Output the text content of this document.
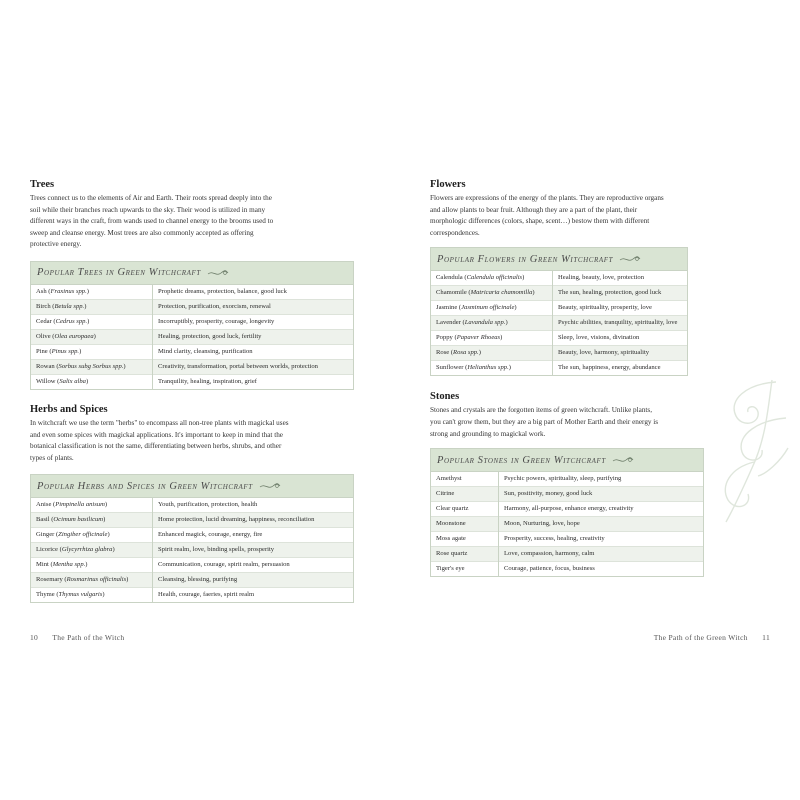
Trees

Trees connect us to the elements of Air and Earth. Their roots spread deeply into the soil while their branches reach upwards to the sky. Their wood is utilized in many different ways in the craft, from wands used to channel energy to the brooms used to sweep and cleanse energy. Most trees are also commonly accepted as offering protective energy.

Popular Trees in Green Witchcraft
Ash (Fraxinus spp.)	Prophetic dreams, protection, balance, good luck
Birch (Betula spp.)	Protection, purification, exorcism, renewal
Cedar (Cedrus spp.)	Incorruptibly, prosperity, courage, longevity
Olive (Olea europaea)	Healing, protection, good luck, fertility
Pine (Pinus spp.)	Mind clarity, cleansing, purification
Rowan (Sorbus subg Sorbus spp.)	Creativity, transformation, portal between worlds, protection
Willow (Salix alba)	Tranquility, healing, inspiration, grief
Herbs and Spices

In witchcraft we use the term "herbs" to encompass all non-tree plants with magickal uses and even some spices with magickal applications. It's important to keep in mind that the botanical classification is not the same, differentiating between herbs, shrubs, and other types of plants.

Popular Herbs and Spices in Green Witchcraft
Anise (Pimpinella anisum)	Youth, purification, protection, health
Basil (Ocimum basilicum)	Home protection, lucid dreaming, happiness, reconciliation
Ginger (Zingiber officinale)	Enhanced magick, courage, energy, fire
Licorice (Glycyrrhiza glabra)	Spirit realm, love, binding spells, prosperity
Mint (Mentha spp.)	Communication, courage, spirit realm, persuasion
Rosemary (Rosmarinus officinalis)	Cleansing, blessing, purifying
Thyme (Thymus vulgaris)	Health, courage, faeries, spirit realm
Flowers

Flowers are expressions of the energy of the plants. They are reproductive organs and allow plants to bear fruit. Although they are a part of the plant, their morphologic differences (colors, shape, scent…) bestow them with different correspondences.

Popular Flowers in Green Witchcraft
Calendula (Calendula officinalis)	Healing, beauty, love, protection
Chamomile (Matricaria chamomilla)	The sun, healing, protection, good luck
Jasmine (Jasminum officinale)	Beauty, spirituality, prosperity, love
Lavender (Lavandula spp.)	Psychic abilities, tranquility, spirituality, love
Poppy (Papaver Rhoeas)	Sleep, love, visions, divination
Rose (Rosa spp.)	Beauty, love, harmony, spirituality
Sunflower (Helianthus spp.)	The sun, happiness, energy, abundance
Stones

Stones and crystals are the forgotten items of green witchcraft. Unlike plants, you can't grow them, but they are a big part of Mother Earth and their energy is strong and grounding to magickal work.

Popular Stones in Green Witchcraft
Amethyst	Psychic powers, spirituality, sleep, purifying
Citrine	Sun, positivity, money, good luck
Clear quartz	Harmony, all-purpose, enhance energy, creativity
Moonstone	Moon, Nurturing, love, hope
Moss agate	Prosperity, success, healing, creativity
Rose quartz	Love, compassion, harmony, calm
Tiger's eye	Courage, patience, focus, business
10 The Path of the Witch	The Path of the Green Witch 11
